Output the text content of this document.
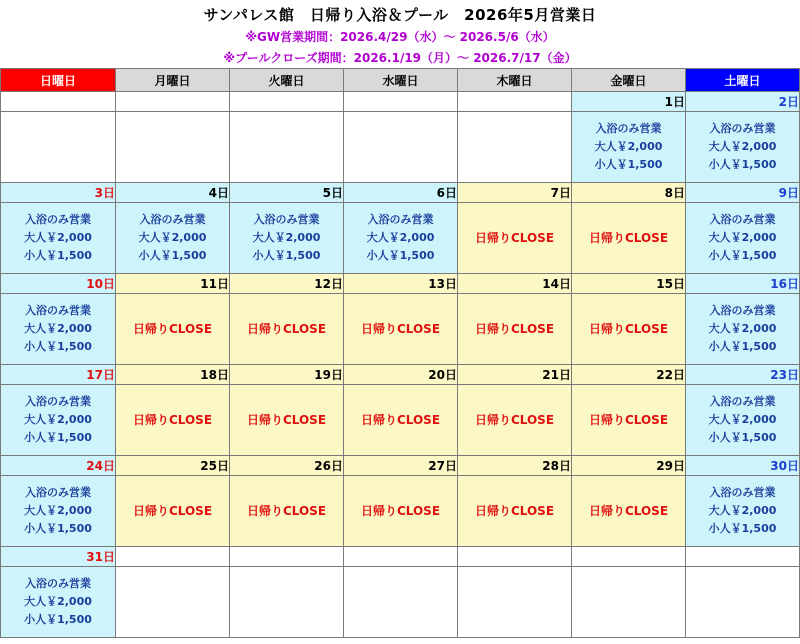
サンパレス館　日帰り入浴＆プール　2026年5月営業日
※GW営業期間：2026.4/29（水）～ 2026.5/6（水）
※プールクローズ期間：2026.1/19（月）～ 2026.7/17（金）
日曜日	月曜日	火曜日	水曜日	木曜日	金曜日	土曜日
					1日	2日

					入浴のみ営業
大人￥2,000
小人￥1,500	入浴のみ営業
大人￥2,000
小人￥1,500

3日	4日	5日	6日	7日	8日	9日

入浴のみ営業
大人￥2,000
小人￥1,500	入浴のみ営業
大人￥2,000
小人￥1,500	入浴のみ営業
大人￥2,000
小人￥1,500	入浴のみ営業
大人￥2,000
小人￥1,500	日帰りCLOSE	日帰りCLOSE	入浴のみ営業
大人￥2,000
小人￥1,500

10日	11日	12日	13日	14日	15日	16日

入浴のみ営業
大人￥2,000
小人￥1,500	日帰りCLOSE	日帰りCLOSE	日帰りCLOSE	日帰りCLOSE	日帰りCLOSE	入浴のみ営業
大人￥2,000
小人￥1,500

17日	18日	19日	20日	21日	22日	23日

入浴のみ営業
大人￥2,000
小人￥1,500	日帰りCLOSE	日帰りCLOSE	日帰りCLOSE	日帰りCLOSE	日帰りCLOSE	入浴のみ営業
大人￥2,000
小人￥1,500

24日	25日	26日	27日	28日	29日	30日

入浴のみ営業
大人￥2,000
小人￥1,500	日帰りCLOSE	日帰りCLOSE	日帰りCLOSE	日帰りCLOSE	日帰りCLOSE	入浴のみ営業
大人￥2,000
小人￥1,500

31日						

入浴のみ営業
大人￥2,000
小人￥1,500						
